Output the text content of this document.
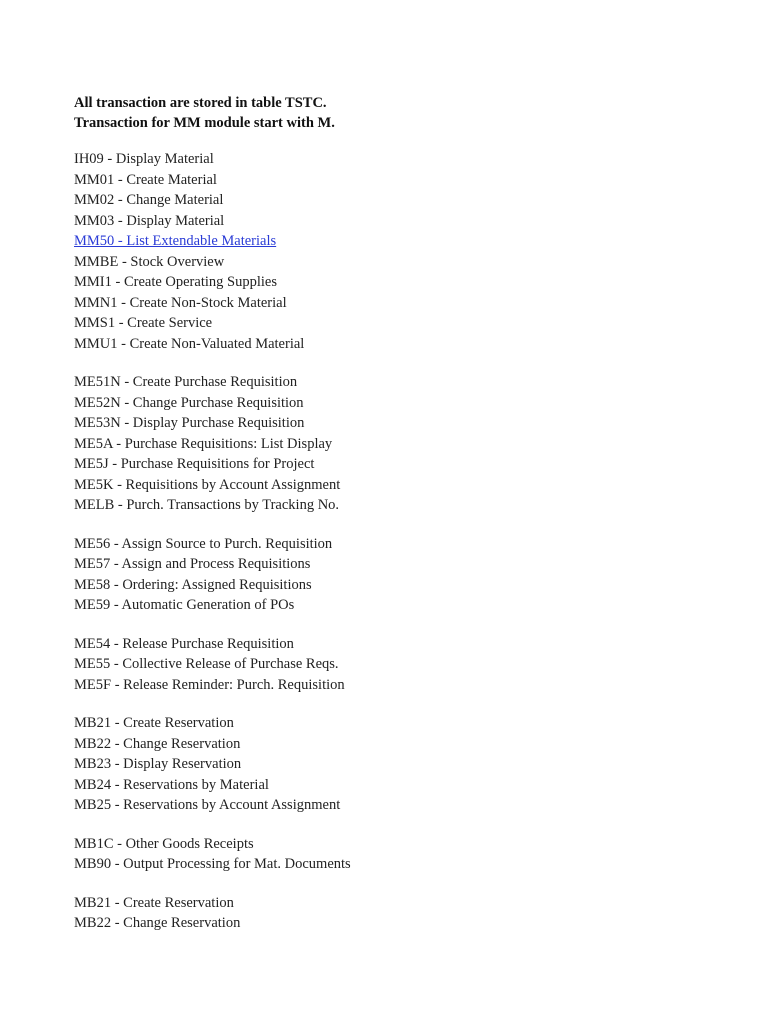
All transaction are stored in table TSTC.

Transaction for MM module start with M.

IH09 - Display Material
MM01 - Create Material
MM02 - Change Material
MM03 - Display Material
MM50 - List Extendable Materials
MMBE - Stock Overview
MMI1 - Create Operating Supplies
MMN1 - Create Non-Stock Material
MMS1 - Create Service
MMU1 - Create Non-Valuated Material
ME51N - Create Purchase Requisition
ME52N - Change Purchase Requisition
ME53N - Display Purchase Requisition
ME5A - Purchase Requisitions: List Display
ME5J - Purchase Requisitions for Project
ME5K - Requisitions by Account Assignment
MELB - Purch. Transactions by Tracking No.
ME56 - Assign Source to Purch. Requisition
ME57 - Assign and Process Requisitions
ME58 - Ordering: Assigned Requisitions
ME59 - Automatic Generation of POs
ME54 - Release Purchase Requisition
ME55 - Collective Release of Purchase Reqs.
ME5F - Release Reminder: Purch. Requisition
MB21 - Create Reservation
MB22 - Change Reservation
MB23 - Display Reservation
MB24 - Reservations by Material
MB25 - Reservations by Account Assignment
MB1C - Other Goods Receipts
MB90 - Output Processing for Mat. Documents
MB21 - Create Reservation
MB22 - Change Reservation
